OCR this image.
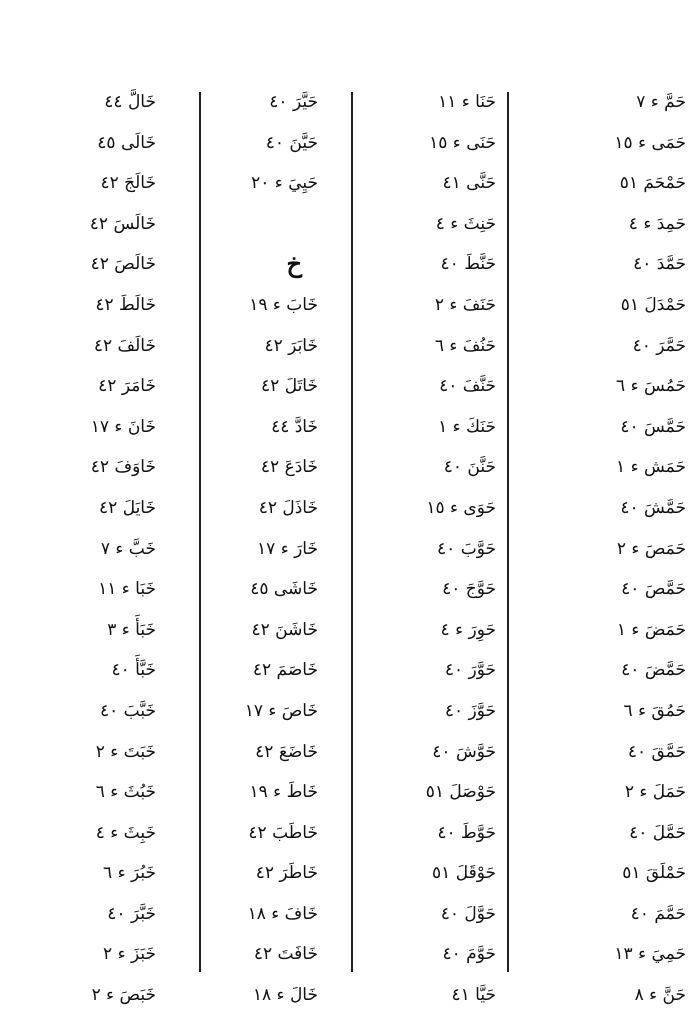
حَمَّ ء ٧
حَمَى ء ١٥
حَمْحَمَ ٥١
حَمِدَ ء ٤
حَمَّدَ ٤٠
حَمْدَلَ ٥١
حَمَّرَ ٤٠
حَمُسَ ء ٦
حَمَّسَ ٤٠
حَمَش ء ١
حَمَّشَ ٤٠
حَمَصَ ء ٢
حَمَّصَ ٤٠
حَمَضَ ء ١
حَمَّضَ ٤٠
حَمُقَ ء ٦
حَمَّقَ ٤٠
حَمَلَ ء ٢
حَمَّلَ ٤٠
حَمْلَقَ ٥١
حَمَّمَ ٤٠
حَمِيَ ء ١٣
حَنَّ ء ٨
حَنَا ء ١١
حَنَى ء ١٥
حَنَّى ٤١
حَنِثَ ء ٤
حَنَّطَ ٤٠
حَنَفَ ء ٢
حَنُفَ ء ٦
حَنَّفَ ٤٠
حَنَكَ ء ١
حَنَّنَ ٤٠
حَوَى ء ١٥
حَوَّبَ ٤٠
حَوَّجَ ٤٠
حَوِرَ ء ٤
حَوَّرَ ٤٠
حَوَّزَ ٤٠
حَوَّشَ ٤٠
حَوْصَلَ ٥١
حَوَّطَ ٤٠
حَوْقَلَ ٥١
حَوَّلَ ٤٠
حَوَّمَ ٤٠
حَيَّا ٤١
حَيَّرَ ٤٠
حَيَّنَ ٤٠
حَيِيَ ء ٢٠
خ
خَابَ ء ١٩
خَابَرَ ٤٢
خَاتَلَ ٤٢
خَادَّ ٤٤
خَادَعَ ٤٢
خَاذَلَ ٤٢
خَارَ ء ١٧
خَاشَى ٤٥
خَاشَنَ ٤٢
خَاصَمَ ٤٢
خَاصَ ء ١٧
خَاضَعَ ٤٢
خَاطَ ء ١٩
خَاطَبَ ٤٢
خَاطَرَ ٤٢
خَافَ ء ١٨
خَافَتَ ٤٢
خَالَ ء ١٨
خَالَّ ٤٤
خَالَى ٤٥
خَالَجَ ٤٢
خَالَسَ ٤٢
خَالَصَ ٤٢
خَالَطَ ٤٢
خَالَفَ ٤٢
خَامَرَ ٤٢
خَانَ ء ١٧
خَاوَفَ ٤٢
خَايَلَ ٤٢
خَبَّ ء ٧
خَبَا ء ١١
خَبَأَ ء ٣
خَبَّأَ ٤٠
خَبَّبَ ٤٠
خَبَتَ ء ٢
خَبُثَ ء ٦
خَبِثَ ء ٤
خَبُرَ ء ٦
خَبَّرَ ٤٠
خَبَزَ ء ٢
خَبَصَ ء ٢
